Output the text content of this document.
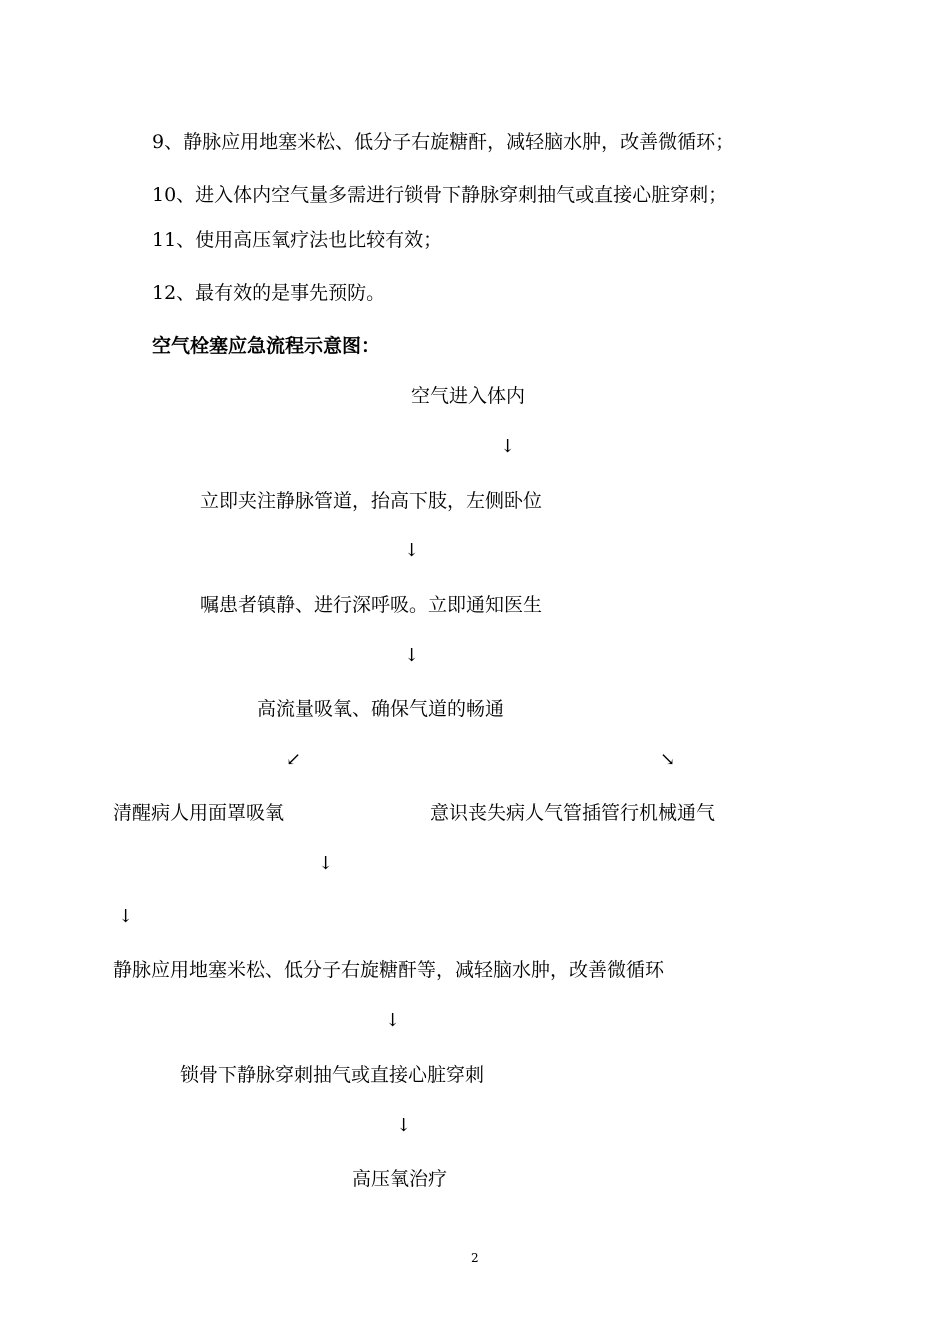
9、静脉应用地塞米松、低分子右旋糖酐，减轻脑水肿，改善微循环；
10、进入体内空气量多需进行锁骨下静脉穿刺抽气或直接心脏穿刺；
11、使用高压氧疗法也比较有效；
12、最有效的是事先预防。
空气栓塞应急流程示意图：
空气进入体内
↓
立即夹注静脉管道，抬高下肢，左侧卧位
↓
嘱患者镇静、进行深呼吸。立即通知医生
↓
高流量吸氧、确保气道的畅通
↙	↘
清醒病人用面罩吸氧	意识丧失病人气管插管行机械通气
↓
↓
静脉应用地塞米松、低分子右旋糖酐等，减轻脑水肿，改善微循环
↓
锁骨下静脉穿刺抽气或直接心脏穿刺
↓
高压氧治疗
2
